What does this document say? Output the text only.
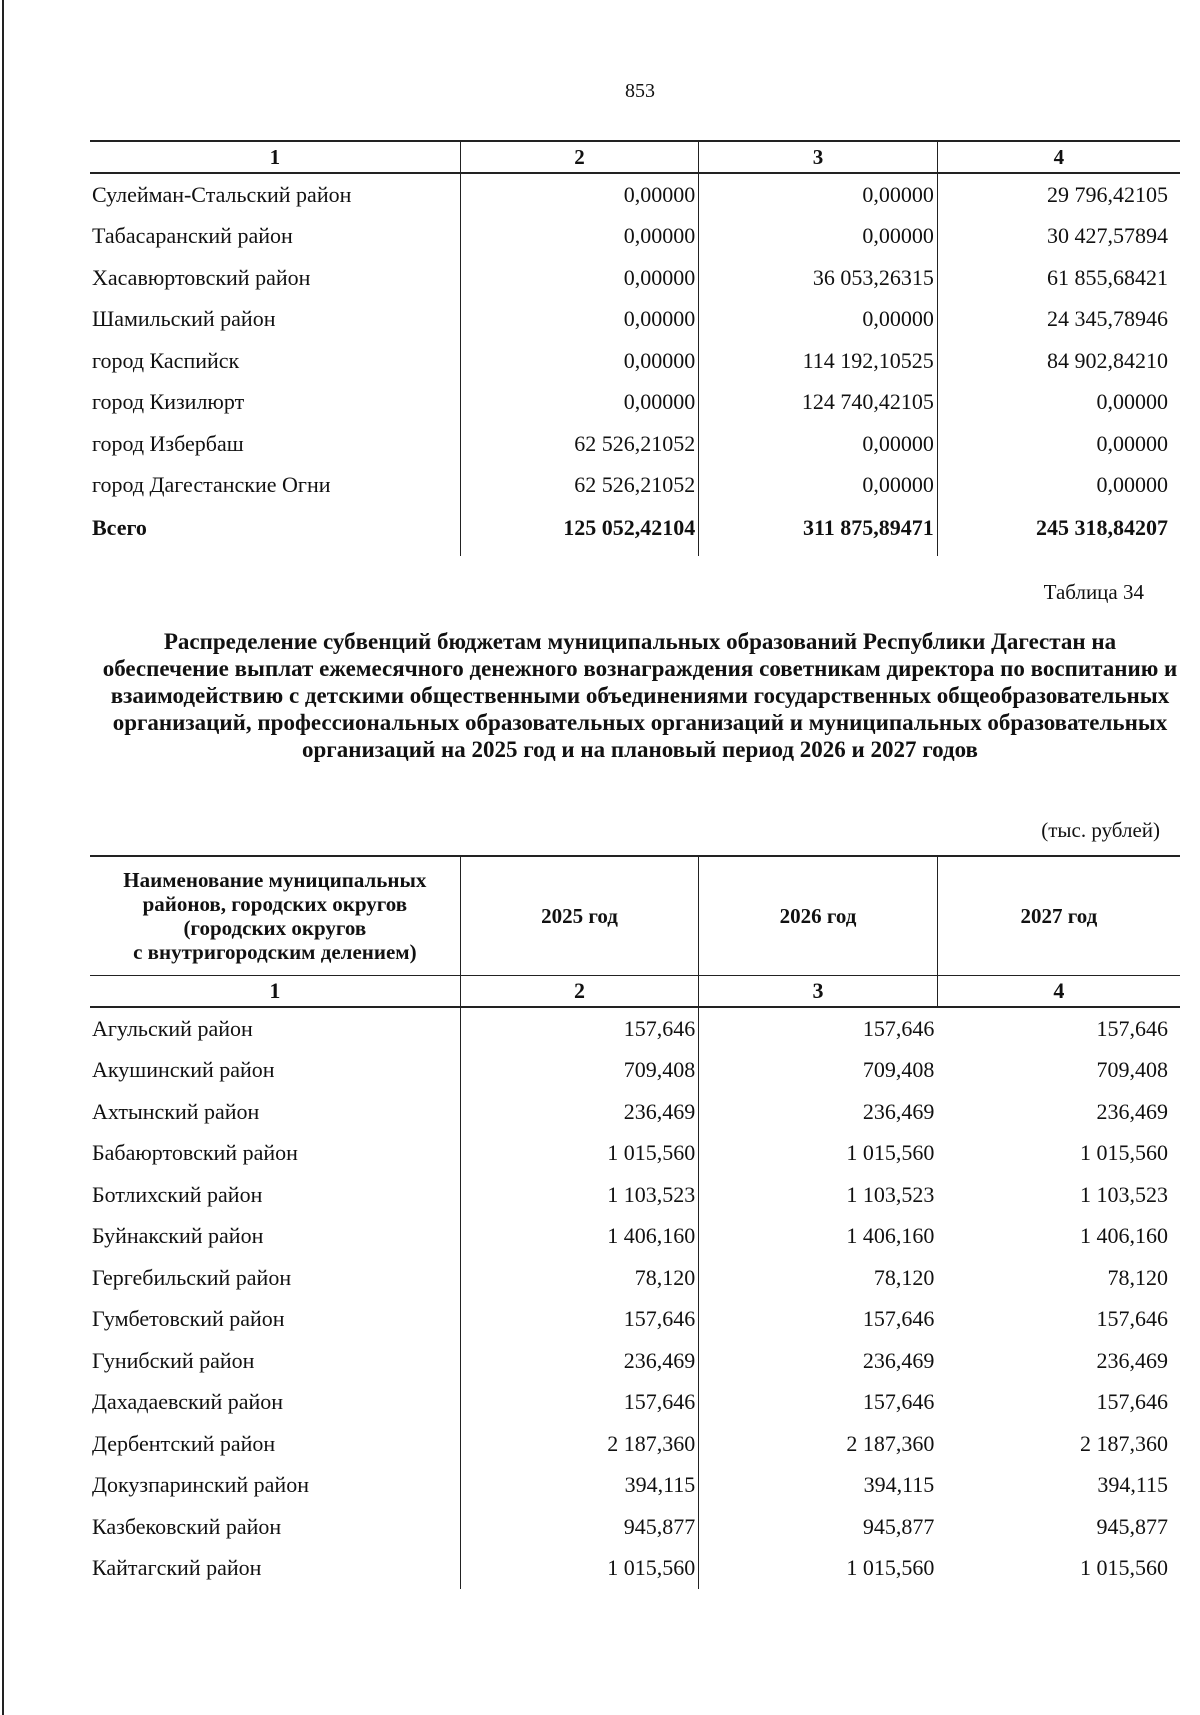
853
1	2	3	4
Сулейман-Стальский район	0,00000	0,00000	29 796,42105
Табасаранский район	0,00000	0,00000	30 427,57894
Хасавюртовский район	0,00000	36 053,26315	61 855,68421
Шамильский район	0,00000	0,00000	24 345,78946
город Каспийск	0,00000	114 192,10525	84 902,84210
город Кизилюрт	0,00000	124 740,42105	0,00000
город Избербаш	62 526,21052	0,00000	0,00000
город Дагестанские Огни	62 526,21052	0,00000	0,00000
Всего	125 052,42104	311 875,89471	245 318,84207
Таблица 34
Распределение субвенций бюджетам муниципальных образований Республики Дагестан на обеспечение выплат ежемесячного денежного вознаграждения советникам директора по воспитанию и взаимодействию с детскими общественными объединениями государственных общеобразовательных организаций, профессиональных образовательных организаций и муниципальных образовательных организаций на 2025 год и на плановый период 2026 и 2027 годов
(тыс. рублей)
Наименование муниципальных
районов, городских округов
(городских округов
с внутригородским делением)	2025 год	2026 год	2027 год
1	2	3	4
Агульский район	157,646	157,646	157,646
Акушинский район	709,408	709,408	709,408
Ахтынский район	236,469	236,469	236,469
Бабаюртовский район	1 015,560	1 015,560	1 015,560
Ботлихский район	1 103,523	1 103,523	1 103,523
Буйнакский район	1 406,160	1 406,160	1 406,160
Гергебильский район	78,120	78,120	78,120
Гумбетовский район	157,646	157,646	157,646
Гунибский район	236,469	236,469	236,469
Дахадаевский район	157,646	157,646	157,646
Дербентский район	2 187,360	2 187,360	2 187,360
Докузпаринский район	394,115	394,115	394,115
Казбековский район	945,877	945,877	945,877
Кайтагский район	1 015,560	1 015,560	1 015,560
